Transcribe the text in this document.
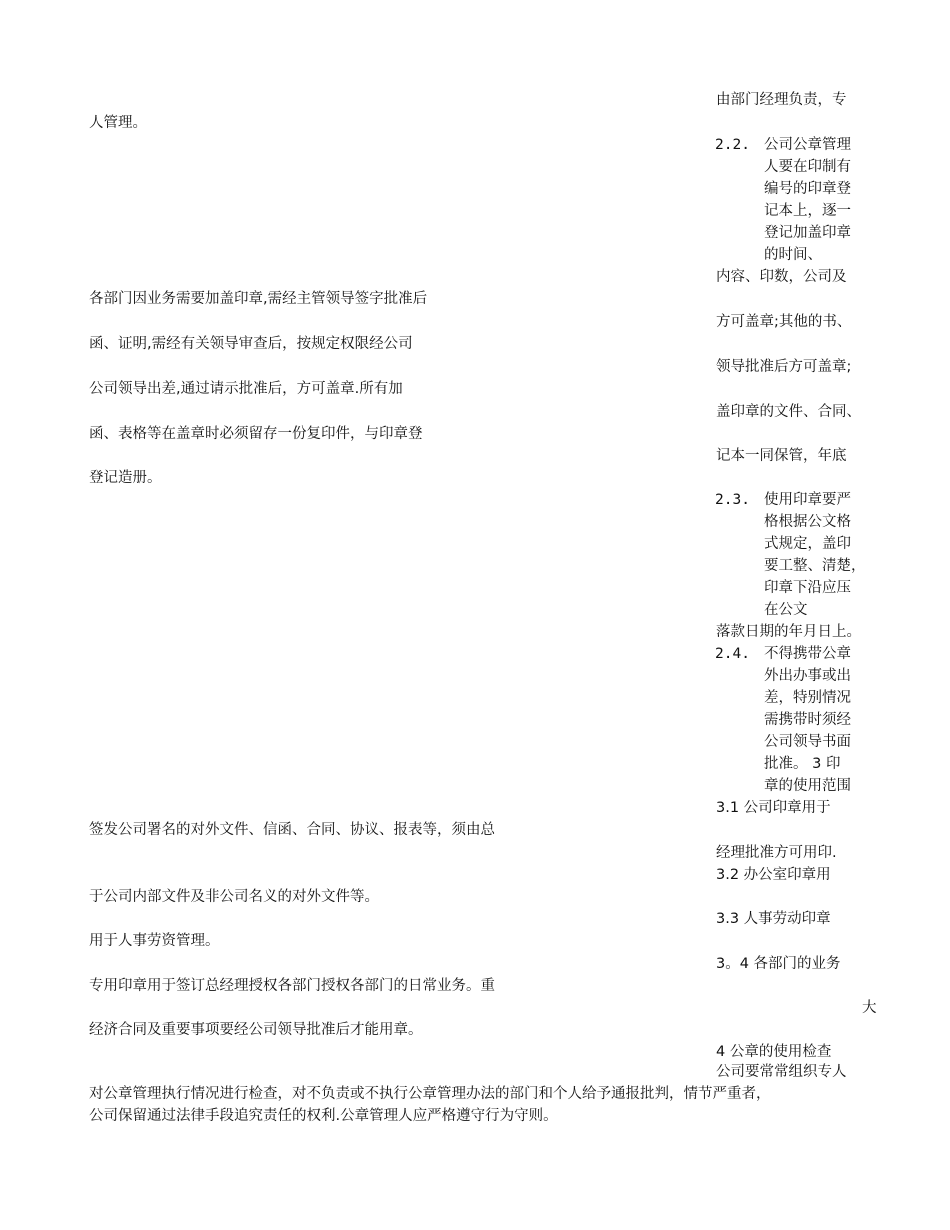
由部门经理负责，专
2.2. 公司公章管理
人要在印制有
编号的印章登
记本上，逐一
登记加盖印章
的时间、
内容、印数，公司及
方可盖章;其他的书、
领导批准后方可盖章;
盖印章的文件、合同、
记本一同保管，年底
2.3. 使用印章要严
格根据公文格
式规定，盖印
要工整、清楚，
印章下沿应压
在公文
落款日期的年月日上。
2.4. 不得携带公章
外出办事或出
差，特别情况
需携带时须经
公司领导书面
批准。 3 印
章的使用范围
3.1 公司印章用于
经理批准方可用印.
3.2 办公室印章用
3.3 人事劳动印章
3。4 各部门的业务
大
4 公章的使用检查
公司要常常组织专人
人管理。
各部门因业务需要加盖印章,需经主管领导签字批准后
函、证明,需经有关领导审查后，按规定权限经公司
公司领导出差,通过请示批准后，方可盖章.所有加
函、表格等在盖章时必须留存一份复印件，与印章登
登记造册。
签发公司署名的对外文件、信函、合同、协议、报表等，须由总
于公司内部文件及非公司名义的对外文件等。
用于人事劳资管理。
专用印章用于签订总经理授权各部门授权各部门的日常业务。重
经济合同及重要事项要经公司领导批准后才能用章。
对公章管理执行情况进行检查，对不负责或不执行公章管理办法的部门和个人给予通报批判，情节严重者，
公司保留通过法律手段追究责任的权利.公章管理人应严格遵守行为守则。
